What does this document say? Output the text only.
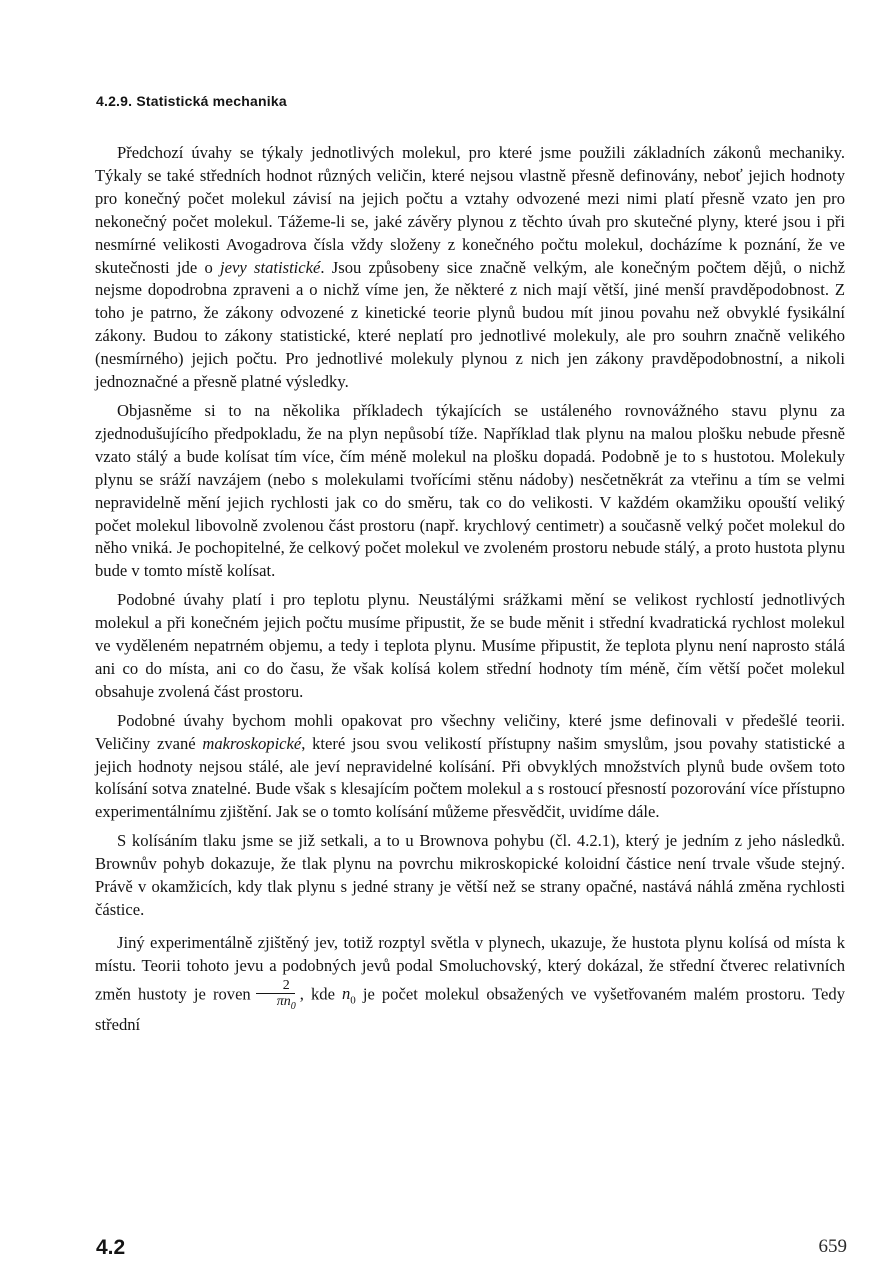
4.2.9. Statistická mechanika

Předchozí úvahy se týkaly jednotlivých molekul, pro které jsme použili základních zákonů mechaniky. Týkaly se také středních hodnot různých veličin, které nejsou vlastně přesně definovány, neboť jejich hodnoty pro konečný počet molekul závisí na jejich počtu a vztahy odvozené mezi nimi platí přesně vzato jen pro nekonečný počet molekul. Tážeme-li se, jaké závěry plynou z těchto úvah pro skutečné plyny, které jsou i při nesmírné velikosti Avogadrova čísla vždy složeny z konečného počtu molekul, docházíme k poznání, že ve skutečnosti jde o jevy statistické. Jsou způsobeny sice značně velkým, ale konečným počtem dějů, o nichž nejsme dopodrobna zpraveni a o nichž víme jen, že některé z nich mají větší, jiné menší pravděpodobnost. Z toho je patrno, že zákony odvozené z kinetické teorie plynů budou mít jinou povahu než obvyklé fysikální zákony. Budou to zákony statistické, které neplatí pro jednotlivé molekuly, ale pro souhrn značně velikého (nesmírného) jejich počtu. Pro jednotlivé molekuly plynou z nich jen zákony pravděpodobnostní, a nikoli jednoznačné a přesně platné výsledky.

Objasněme si to na několika příkladech týkajících se ustáleného rovnovážného stavu plynu za zjednodušujícího předpokladu, že na plyn nepůsobí tíže. Například tlak plynu na malou plošku nebude přesně vzato stálý a bude kolísat tím více, čím méně molekul na plošku dopadá. Podobně je to s hustotou. Molekuly plynu se sráží navzájem (nebo s molekulami tvořícími stěnu nádoby) nesčetněkrát za vteřinu a tím se velmi nepravidelně mění jejich rychlosti jak co do směru, tak co do velikosti. V každém okamžiku opouští veliký počet molekul libovolně zvolenou část prostoru (např. krychlový centimetr) a současně velký počet molekul do něho vniká. Je pochopitelné, že celkový počet molekul ve zvoleném prostoru nebude stálý, a proto hustota plynu bude v tomto místě kolísat.

Podobné úvahy platí i pro teplotu plynu. Neustálými srážkami mění se velikost rychlostí jednotlivých molekul a při konečném jejich počtu musíme připustit, že se bude měnit i střední kvadratická rychlost molekul ve vyděleném nepatrném objemu, a tedy i teplota plynu. Musíme připustit, že teplota plynu není naprosto stálá ani co do místa, ani co do času, že však kolísá kolem střední hodnoty tím méně, čím větší počet molekul obsahuje zvolená část prostoru.

Podobné úvahy bychom mohli opakovat pro všechny veličiny, které jsme definovali v předešlé teorii. Veličiny zvané makroskopické, které jsou svou velikostí přístupny našim smyslům, jsou povahy statistické a jejich hodnoty nejsou stálé, ale jeví nepravidelné kolísání. Při obvyklých množstvích plynů bude ovšem toto kolísání sotva znatelné. Bude však s klesajícím počtem molekul a s rostoucí přesností pozorování více přístupno experimentálnímu zjištění. Jak se o tomto kolísání můžeme přesvědčit, uvidíme dále.

S kolísáním tlaku jsme se již setkali, a to u Brownova pohybu (čl. 4.2.1), který je jedním z jeho následků. Brownův pohyb dokazuje, že tlak plynu na povrchu mikroskopické koloidní částice není trvale všude stejný. Právě v okamžicích, kdy tlak plynu s jedné strany je větší než se strany opačné, nastává náhlá změna rychlosti částice.

Jiný experimentálně zjištěný jev, totiž rozptyl světla v plynech, ukazuje, že hustota plynu kolísá od místa k místu. Teorii tohoto jevu a podobných jevů podal Smoluchovský, který dokázal, že střední čtverec relativních změn hustoty je roven $\frac{2}{\pi n_0}$ , kde $n_0$ je počet molekul obsažených ve vyšetřovaném malém prostoru. Tedy střední

4.2	659
